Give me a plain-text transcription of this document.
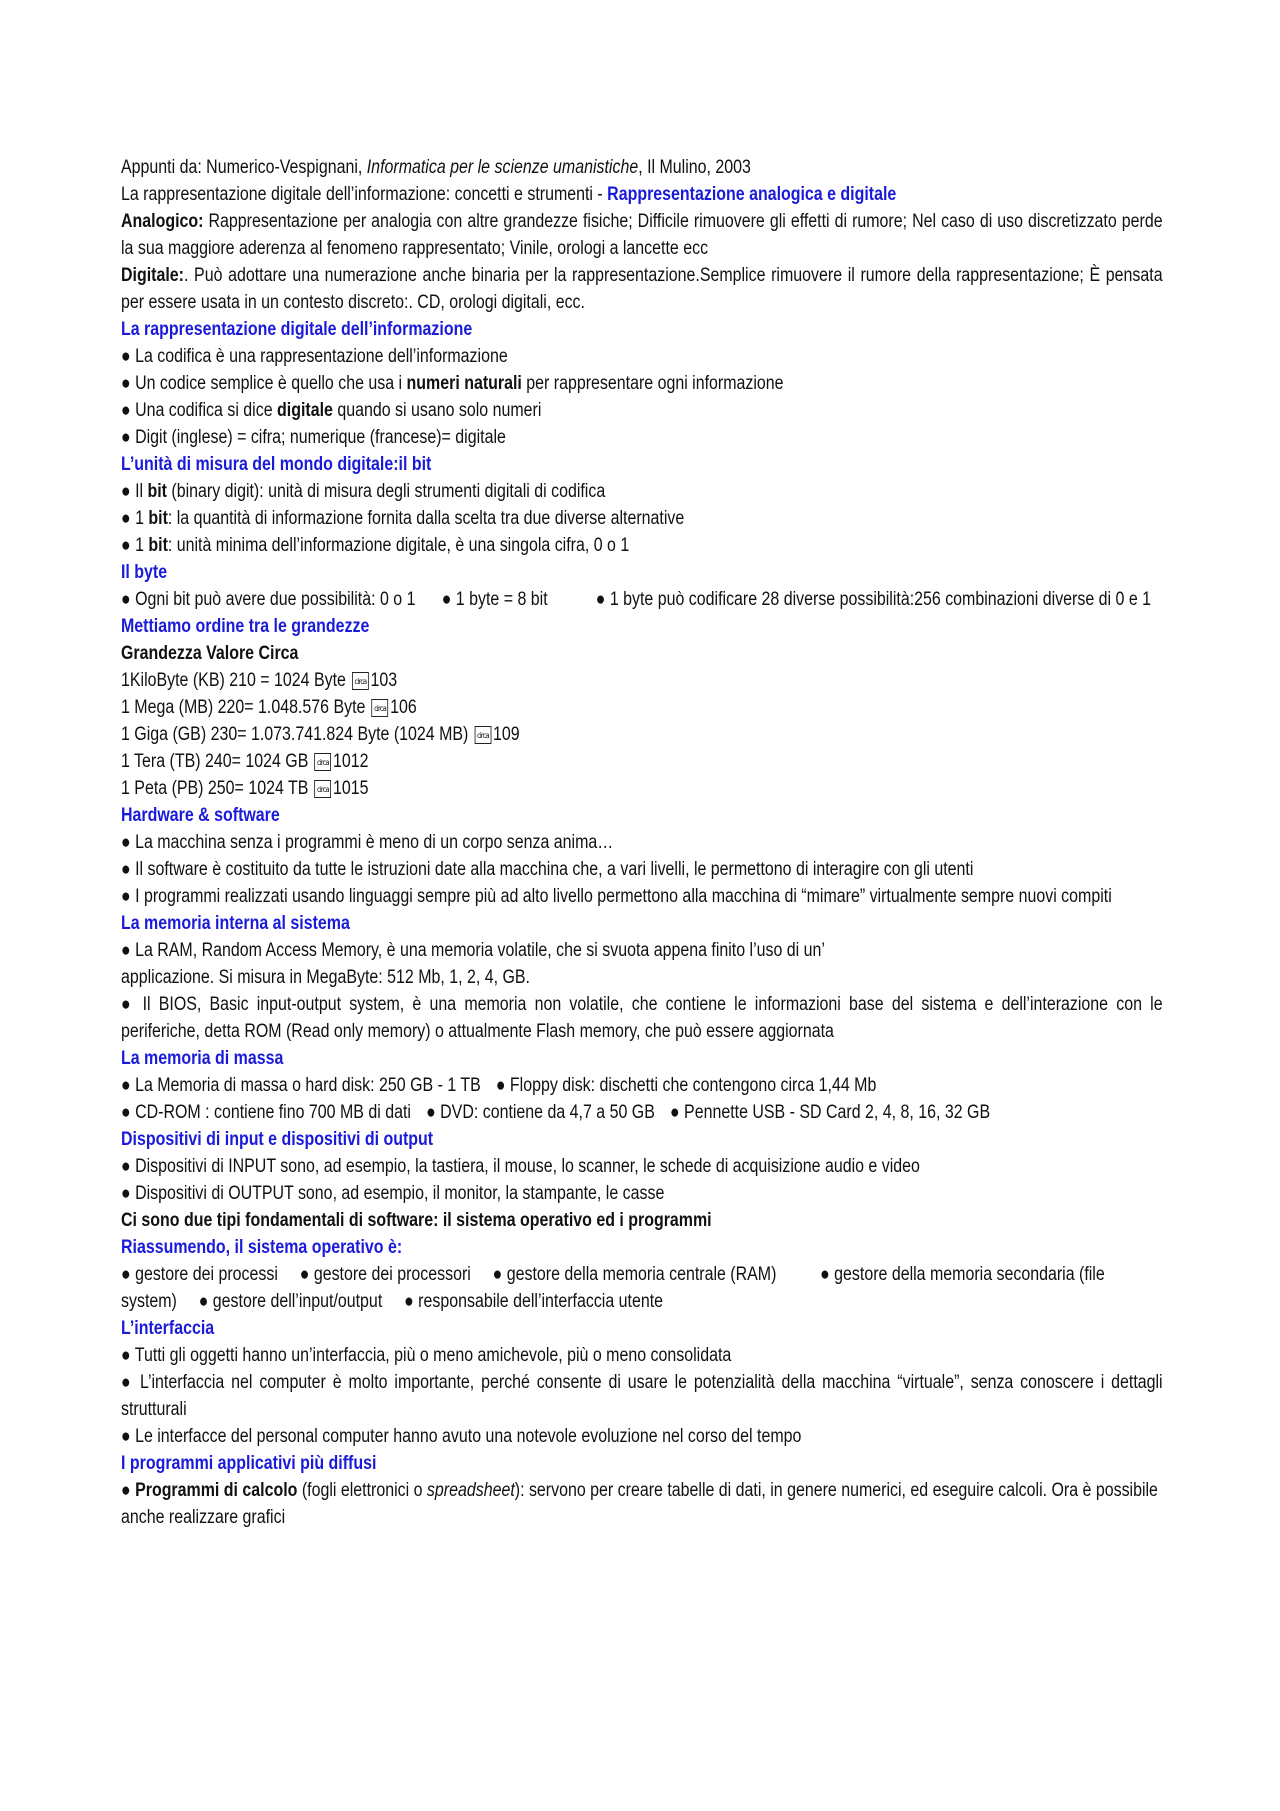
Appunti da: Numerico-Vespignani, Informatica per le scienze umanistiche, Il Mulino, 2003

La rappresentazione digitale dell’informazione: concetti e strumenti - Rappresentazione analogica e digitale

Analogico: Rappresentazione per analogia con altre grandezze fisiche; Difficile rimuovere gli effetti di rumore; Nel caso di uso discretizzato perde la sua maggiore aderenza al fenomeno rappresentato; Vinile, orologi a lancette ecc

Digitale:. Può adottare una numerazione anche binaria per la rappresentazione.Semplice rimuovere il rumore della rappresentazione; È pensata per essere usata in un contesto discreto:. CD, orologi digitali, ecc.

La rappresentazione digitale dell’informazione

● La codifica è una rappresentazione dell’informazione

● Un codice semplice è quello che usa i numeri naturali per rappresentare ogni informazione

● Una codifica si dice digitale quando si usano solo numeri

● Digit (inglese) = cifra; numerique (francese)= digitale

L’unità di misura del mondo digitale:il bit

● Il bit (binary digit): unità di misura degli strumenti digitali di codifica

● 1 bit: la quantità di informazione fornita dalla scelta tra due diverse alternative

● 1 bit: unità minima dell’informazione digitale, è una singola cifra, 0 o 1

Il byte

● Ogni bit può avere due possibilità: 0 o 1 ● 1 byte = 8 bit	● 1 byte può codificare 28 diverse possibilità:256 combinazioni diverse di 0 e 1

Mettiamo ordine tra le grandezze

Grandezza Valore Circa

1KiloByte (KB) 210 = 1024 Byte circa 103

1 Mega (MB) 220= 1.048.576 Byte circa 106

1 Giga (GB) 230= 1.073.741.824 Byte (1024 MB) circa 109

1 Tera (TB) 240= 1024 GB circa 1012

1 Peta (PB) 250= 1024 TB circa 1015

Hardware & software

● La macchina senza i programmi è meno di un corpo senza anima…

● Il software è costituito da tutte le istruzioni date alla macchina che, a vari livelli, le permettono di interagire con gli utenti

● I programmi realizzati usando linguaggi sempre più ad alto livello permettono alla macchina di “mimare” virtualmente sempre nuovi compiti

La memoria interna al sistema

● La RAM, Random Access Memory, è una memoria volatile, che si svuota appena finito l’uso di un’

applicazione. Si misura in MegaByte: 512 Mb, 1, 2, 4, GB.

● Il BIOS, Basic input-output system, è una memoria non volatile, che contiene le informazioni base del sistema e dell’interazione con le periferiche, detta ROM (Read only memory) o attualmente Flash memory, che può essere aggiornata

La memoria di massa

● La Memoria di massa o hard disk: 250 GB - 1 TB ● Floppy disk: dischetti che contengono circa 1,44 Mb

● CD-ROM : contiene fino 700 MB di dati ● DVD: contiene da 4,7 a 50 GB ● Pennette USB - SD Card 2, 4, 8, 16, 32 GB

Dispositivi di input e dispositivi di output

● Dispositivi di INPUT sono, ad esempio, la tastiera, il mouse, lo scanner, le schede di acquisizione audio e video

● Dispositivi di OUTPUT sono, ad esempio, il monitor, la stampante, le casse

Ci sono due tipi fondamentali di software: il sistema operativo ed i programmi

Riassumendo, il sistema operativo è:

● gestore dei processi ● gestore dei processori ● gestore della memoria centrale (RAM) ● gestore della memoria secondaria (file system) ● gestore dell’input/output ● responsabile dell’interfaccia utente

L’interfaccia

● Tutti gli oggetti hanno un’interfaccia, più o meno amichevole, più o meno consolidata

● L’interfaccia nel computer è molto importante, perché consente di usare le potenzialità della macchina “virtuale”, senza conoscere i dettagli strutturali

● Le interfacce del personal computer hanno avuto una notevole evoluzione nel corso del tempo

I programmi applicativi più diffusi

● Programmi di calcolo (fogli elettronici o spreadsheet): servono per creare tabelle di dati, in genere numerici, ed eseguire calcoli. Ora è possibile anche realizzare grafici
